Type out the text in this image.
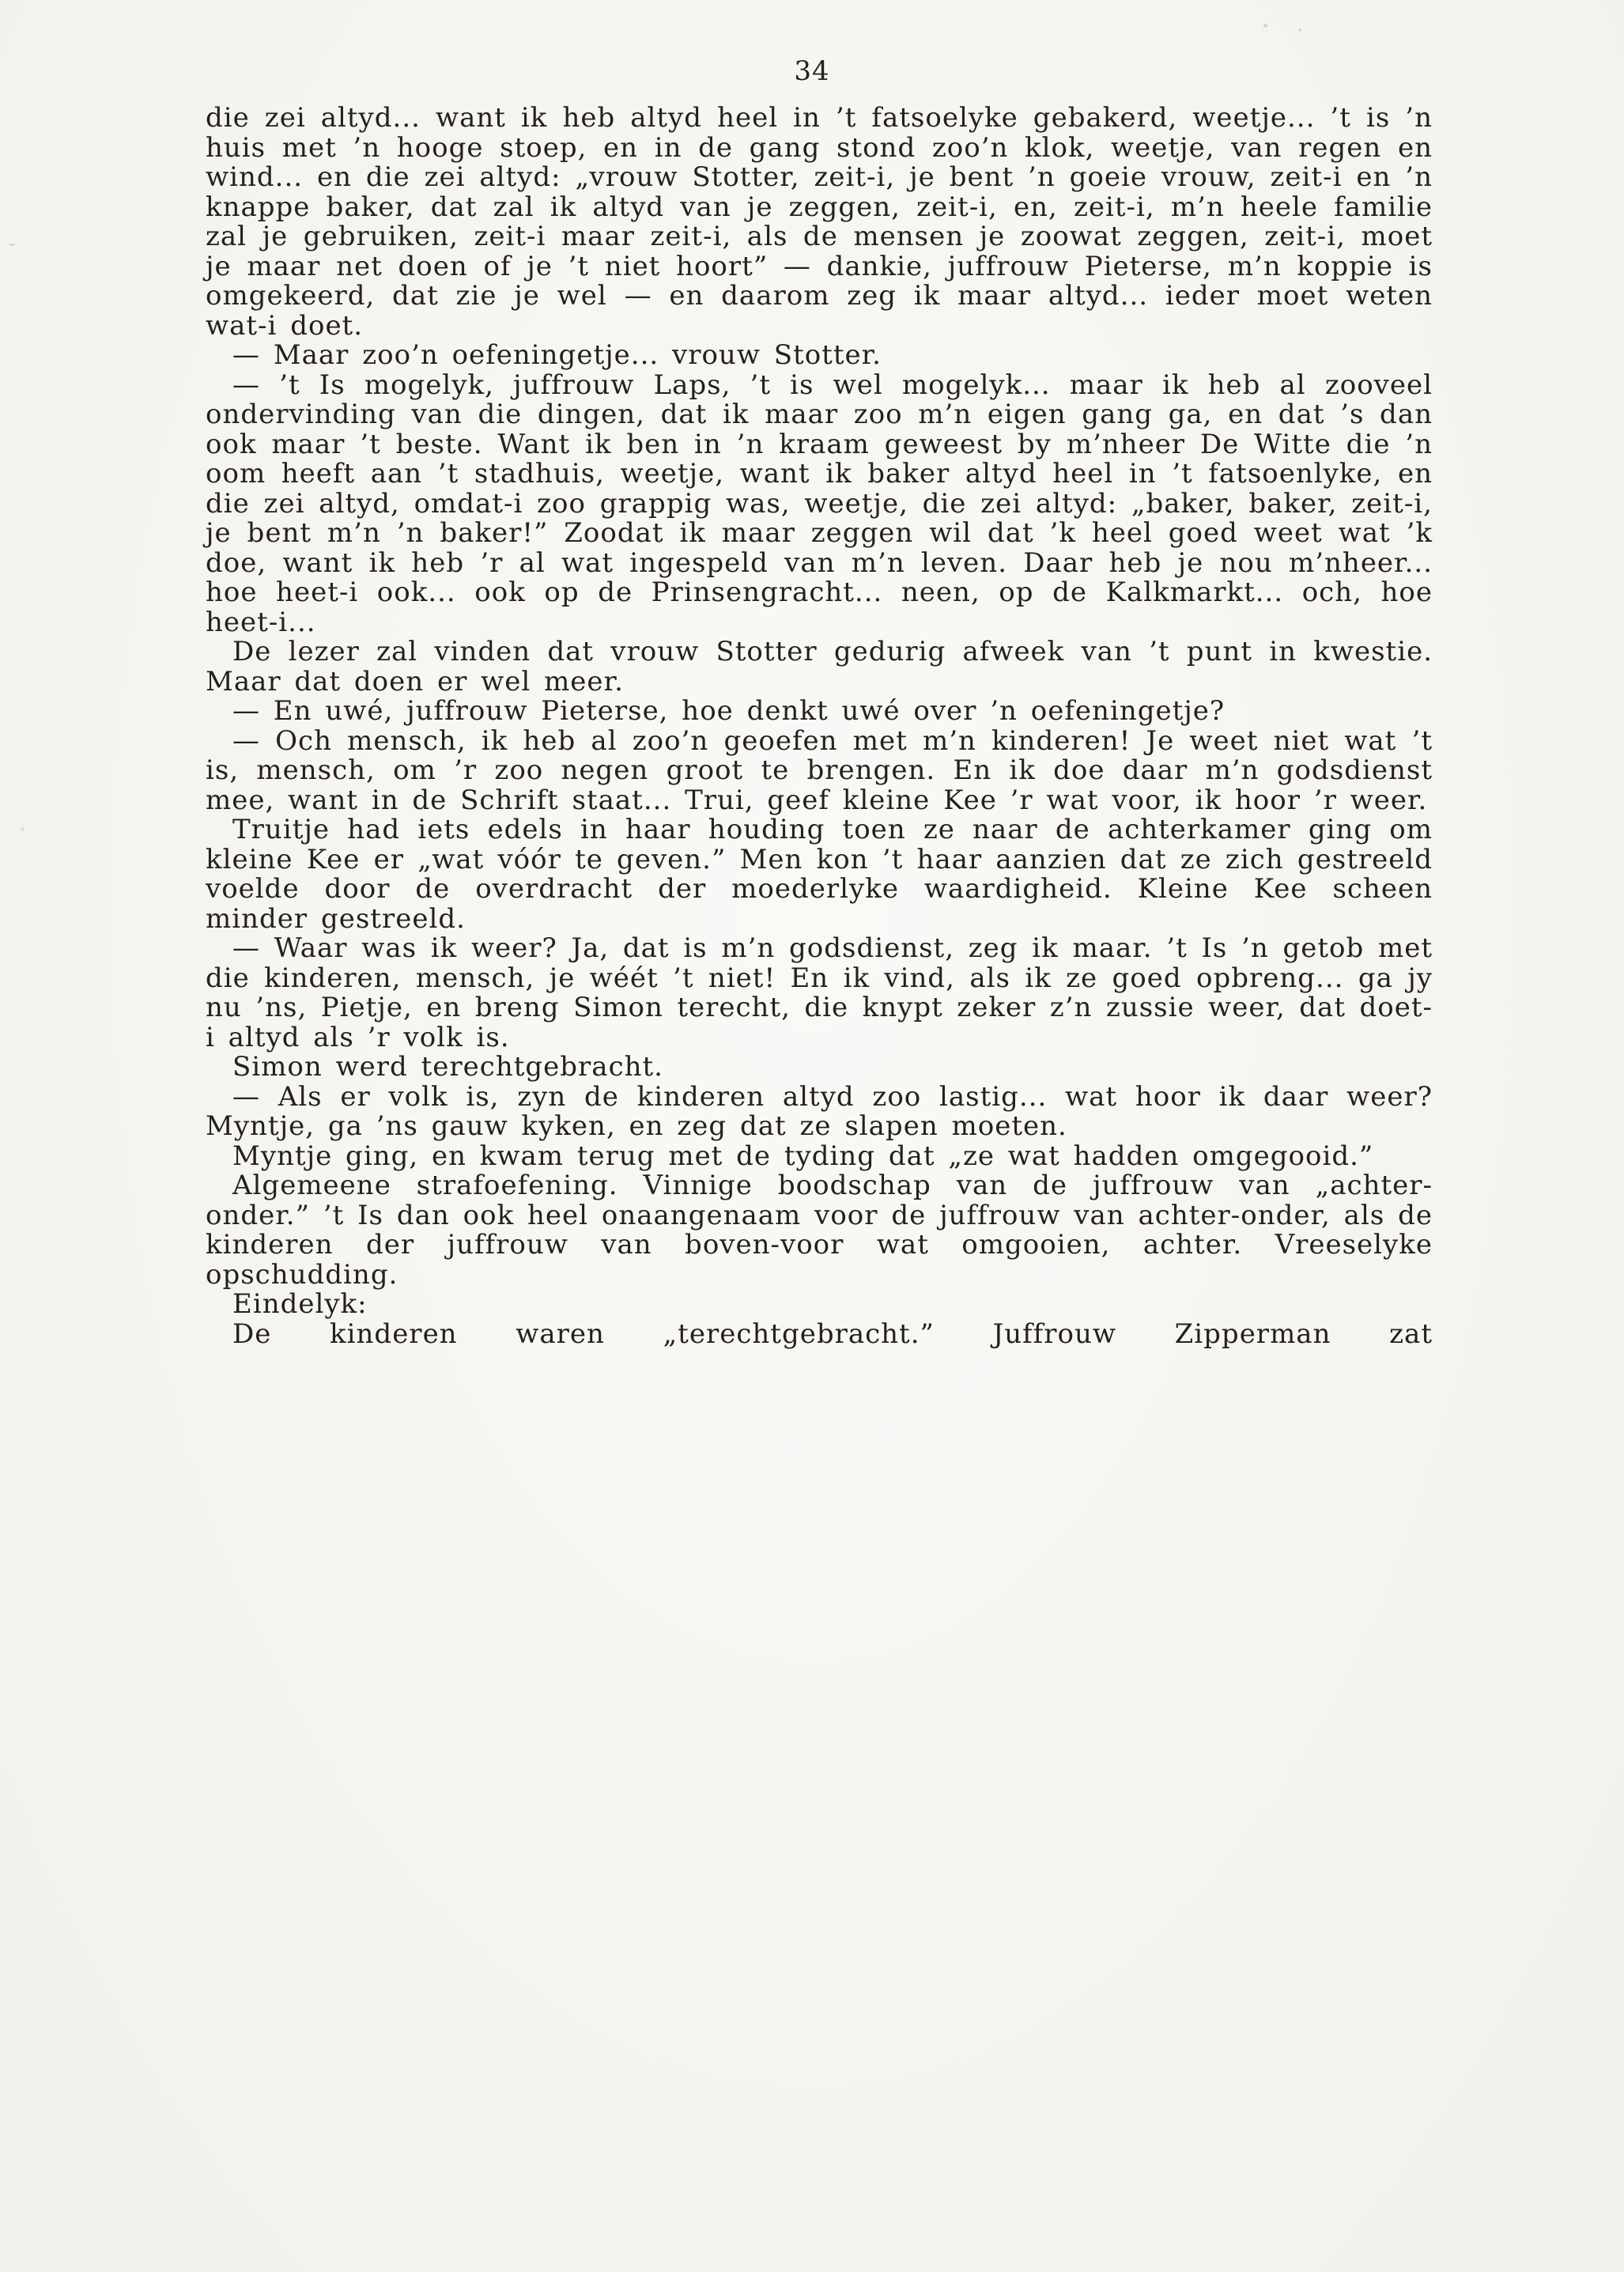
34

die zei altyd... want ik heb altyd heel in ’t fatsoelyke gebakerd, weetje... ’t is ’n huis met ’n hooge stoep, en in de gang stond zoo’n klok, weetje, van regen en wind... en die zei altyd: „vrouw Stotter, zeit-i, je bent ’n goeie vrouw, zeit-i en ’n knappe baker, dat zal ik altyd van je zeggen, zeit-i, en, zeit-i, m’n heele familie zal je gebruiken, zeit-i maar zeit-i, als de mensen je zoowat zeggen, zeit-i, moet je maar net doen of je ’t niet hoort” — dankie, juffrouw Pieterse, m’n koppie is omgekeerd, dat zie je wel — en daarom zeg ik maar altyd... ieder moet weten wat-i doet.

— Maar zoo’n oefeningetje... vrouw Stotter.

— ’t Is mogelyk, juffrouw Laps, ’t is wel mogelyk... maar ik heb al zooveel ondervinding van die dingen, dat ik maar zoo m’n eigen gang ga, en dat ’s dan ook maar ’t beste. Want ik ben in ’n kraam geweest by m’nheer De Witte die ’n oom heeft aan ’t stadhuis, weetje, want ik baker altyd heel in ’t fatsoenlyke, en die zei altyd, omdat-i zoo grappig was, weetje, die zei altyd: „baker, baker, zeit-i, je bent m’n ’n baker!” Zoodat ik maar zeggen wil dat ’k heel goed weet wat ’k doe, want ik heb ’r al wat ingespeld van m’n leven. Daar heb je nou m’nheer... hoe heet-i ook... ook op de Prinsengracht... neen, op de Kalkmarkt... och, hoe heet-i...

De lezer zal vinden dat vrouw Stotter gedurig afweek van ’t punt in kwestie. Maar dat doen er wel meer.

— En uwé, juffrouw Pieterse, hoe denkt uwé over ’n oefeningetje?

— Och mensch, ik heb al zoo’n geoefen met m’n kinderen! Je weet niet wat ’t is, mensch, om ’r zoo negen groot te brengen. En ik doe daar m’n godsdienst mee, want in de Schrift staat... Trui, geef kleine Kee ’r wat voor, ik hoor ’r weer.

Truitje had iets edels in haar houding toen ze naar de achterkamer ging om kleine Kee er „wat vóór te geven.” Men kon ’t haar aanzien dat ze zich gestreeld voelde door de overdracht der moederlyke waardigheid. Kleine Kee scheen minder gestreeld.

— Waar was ik weer? Ja, dat is m’n godsdienst, zeg ik maar. ’t Is ’n getob met die kinderen, mensch, je wéét ’t niet! En ik vind, als ik ze goed opbreng... ga jy nu ’ns, Pietje, en breng Simon terecht, die knypt zeker z’n zussie weer, dat doet-i altyd als ’r volk is.

Simon werd terechtgebracht.

— Als er volk is, zyn de kinderen altyd zoo lastig... wat hoor ik daar weer? Myntje, ga ’ns gauw kyken, en zeg dat ze slapen moeten.

Myntje ging, en kwam terug met de tyding dat „ze wat hadden omgegooid.”

Algemeene strafoefening. Vinnige boodschap van de juffrouw van „achter-onder.” ’t Is dan ook heel onaangenaam voor de juffrouw van achter-onder, als de kinderen der juffrouw van boven-voor wat omgooien, achter. Vreeselyke opschudding.

Eindelyk:

De kinderen waren „terechtgebracht.” Juffrouw Zipperman zat
